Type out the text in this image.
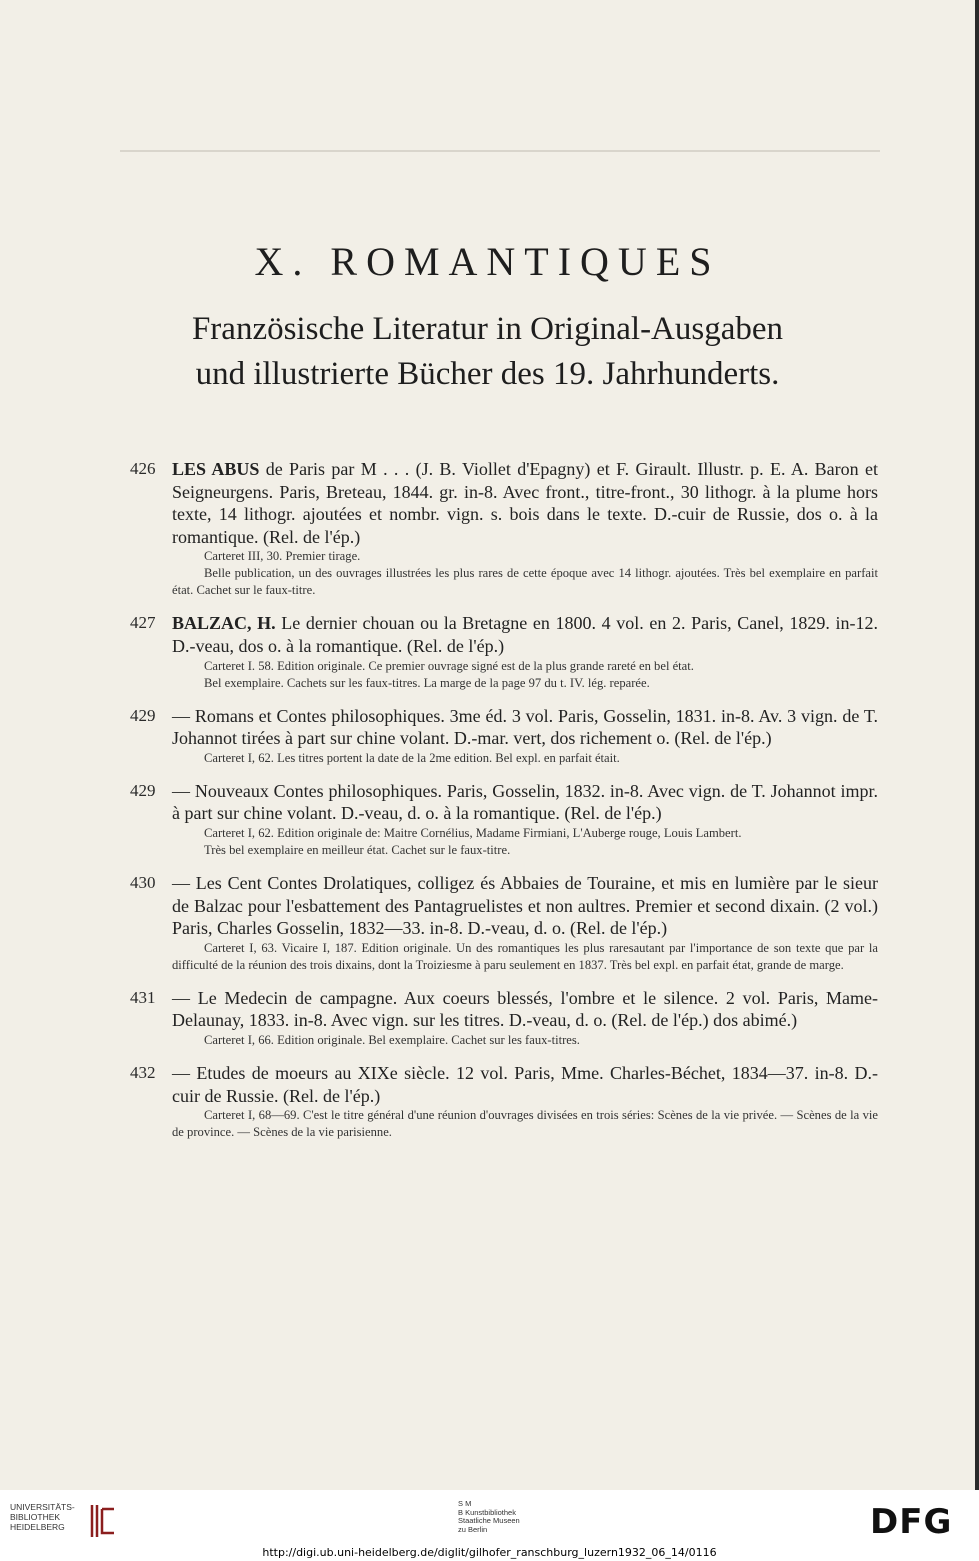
X. ROMANTIQUES

Französische Literatur in Original-Ausgaben

und illustrierte Bücher des 19. Jahrhunderts.

426 LES ABUS de Paris par M . . . (J. B. Viollet d'Epagny) et F. Girault. Illustr. p. E. A. Baron et Seigneurgens. Paris, Breteau, 1844. gr. in-8. Avec front., titre-front., 30 lithogr. à la plume hors texte, 14 lithogr. ajoutées et nombr. vign. s. bois dans le texte. D.-cuir de Russie, dos o. à la romantique. (Rel. de l'ép.)
Carteret III, 30. Premier tirage.
Belle publication, un des ouvrages illustrées les plus rares de cette époque avec 14 lithogr. ajoutées. Très bel exemplaire en parfait état. Cachet sur le faux-titre.
427 BALZAC, H. Le dernier chouan ou la Bretagne en 1800. 4 vol. en 2. Paris, Canel, 1829. in-12. D.-veau, dos o. à la romantique. (Rel. de l'ép.)
Carteret I. 58. Edition originale. Ce premier ouvrage signé est de la plus grande rareté en bel état.
Bel exemplaire. Cachets sur les faux-titres. La marge de la page 97 du t. IV. lég. reparée.
429 — Romans et Contes philosophiques. 3me éd. 3 vol. Paris, Gosselin, 1831. in-8. Av. 3 vign. de T. Johannot tirées à part sur chine volant. D.-mar. vert, dos richement o. (Rel. de l'ép.)
Carteret I, 62. Les titres portent la date de la 2me edition. Bel expl. en parfait était.
429 — Nouveaux Contes philosophiques. Paris, Gosselin, 1832. in-8. Avec vign. de T. Johannot impr. à part sur chine volant. D.-veau, d. o. à la romantique. (Rel. de l'ép.)
Carteret I, 62. Edition originale de: Maitre Cornélius, Madame Firmiani, L'Auberge rouge, Louis Lambert.
Très bel exemplaire en meilleur état. Cachet sur le faux-titre.
430 — Les Cent Contes Drolatiques, colligez és Abbaies de Touraine, et mis en lumière par le sieur de Balzac pour l'esbattement des Pantagruelistes et non aultres. Premier et second dixain. (2 vol.) Paris, Charles Gosselin, 1832—33. in-8. D.-veau, d. o. (Rel. de l'ép.)
Carteret I, 63. Vicaire I, 187. Edition originale. Un des romantiques les plus raresautant par l'importance de son texte que par la difficulté de la réunion des trois dixains, dont la Troiziesme à paru seulement en 1837. Très bel expl. en parfait état, grande de marge.
431 — Le Medecin de campagne. Aux coeurs blessés, l'ombre et le silence. 2 vol. Paris, Mame-Delaunay, 1833. in-8. Avec vign. sur les titres. D.-veau, d. o. (Rel. de l'ép.) dos abimé.)
Carteret I, 66. Edition originale. Bel exemplaire. Cachet sur les faux-titres.
432 — Etudes de moeurs au XIXe siècle. 12 vol. Paris, Mme. Charles-Béchet, 1834—37. in-8. D.-cuir de Russie. (Rel. de l'ép.)
Carteret I, 68—69. C'est le titre général d'une réunion d'ouvrages divisées en trois séries: Scènes de la vie privée. — Scènes de la vie de province. — Scènes de la vie parisienne.
UNIVERSITÄTS-
BIBLIOTHEK
HEIDELBERG
S M
B Kunstbibliothek
Staatliche Museen
zu Berlin	DFG
http://digi.ub.uni-heidelberg.de/diglit/gilhofer_ranschburg_luzern1932_06_14/0116
